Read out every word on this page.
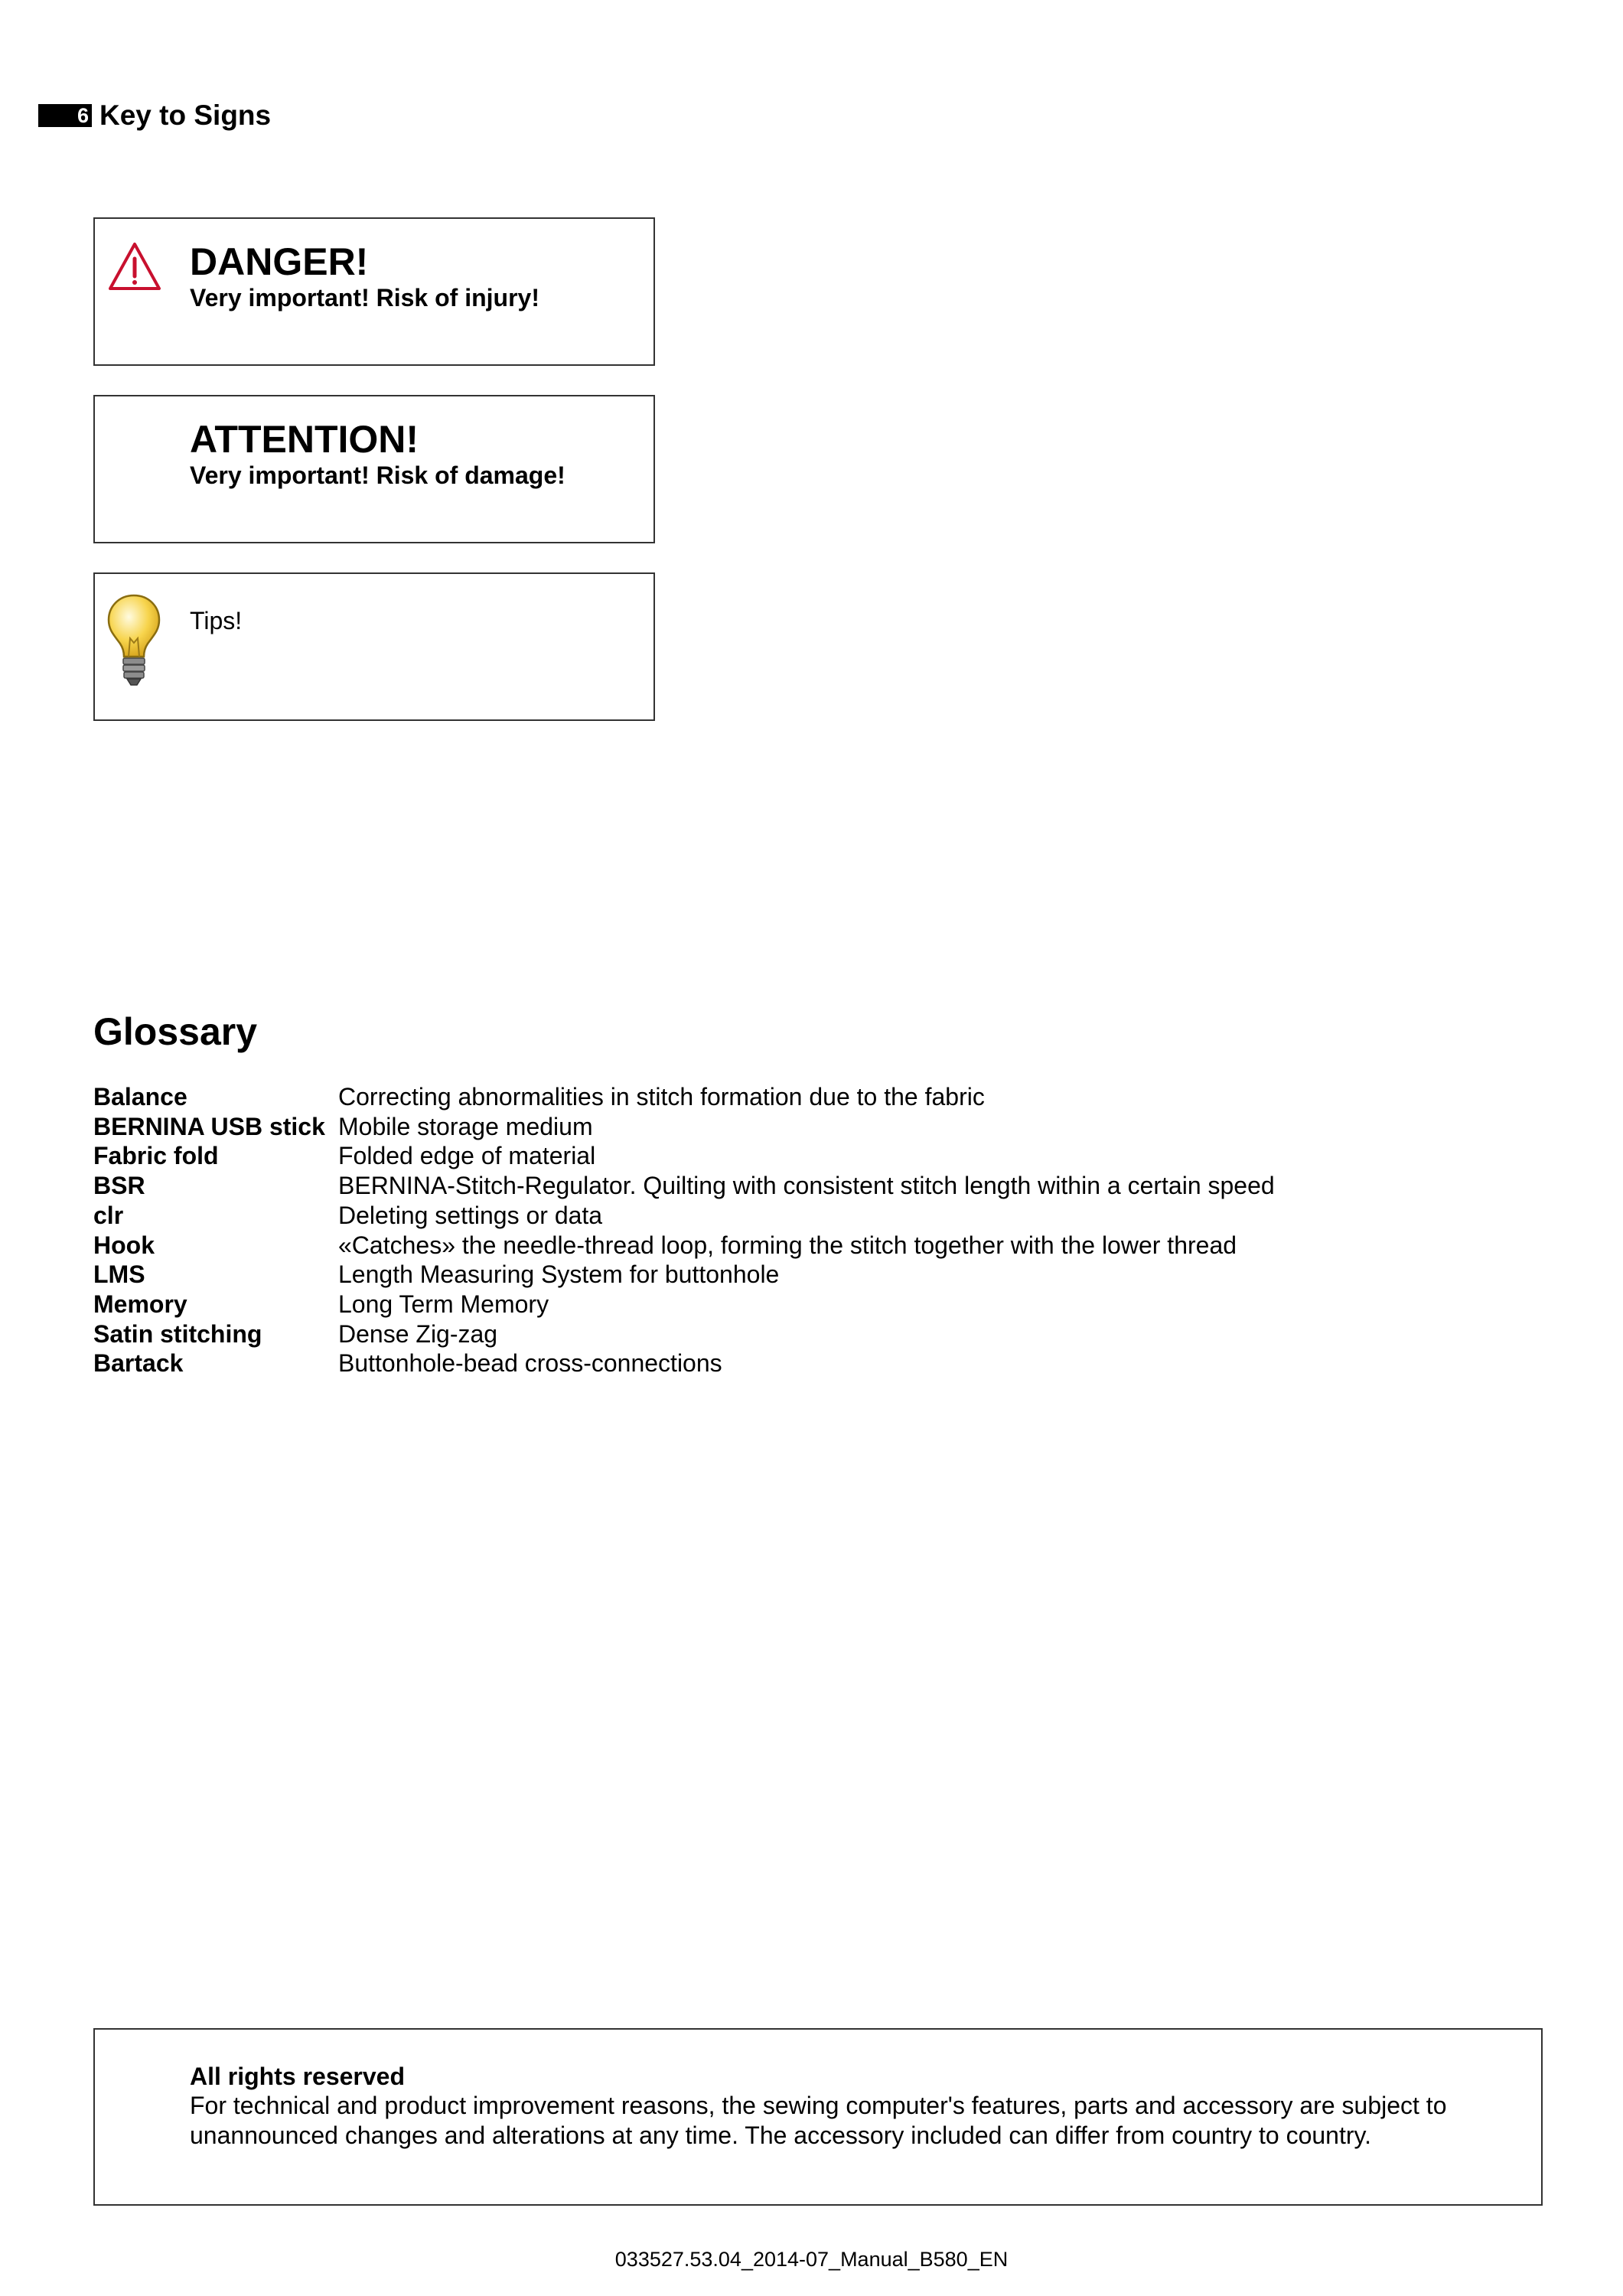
6 Key to Signs
DANGER!
Very important! Risk of injury!
ATTENTION!
Very important! Risk of damage!
Tips!
Glossary
Balance	Correcting abnormalities in stitch formation due to the fabric
BERNINA USB stick	Mobile storage medium
Fabric fold	Folded edge of material
BSR	BERNINA-Stitch-Regulator. Quilting with consistent stitch length within a certain speed
clr	Deleting settings or data
Hook	«Catches» the needle-thread loop, forming the stitch together with the lower thread
LMS	Length Measuring System for buttonhole
Memory	Long Term Memory
Satin stitching	Dense Zig-zag
Bartack	Buttonhole-bead cross-connections
All rights reserved
For technical and product improvement reasons, the sewing computer's features, parts and accessory are subject to unannounced changes and alterations at any time. The accessory included can differ from country to country.
033527.53.04_2014-07_Manual_B580_EN
